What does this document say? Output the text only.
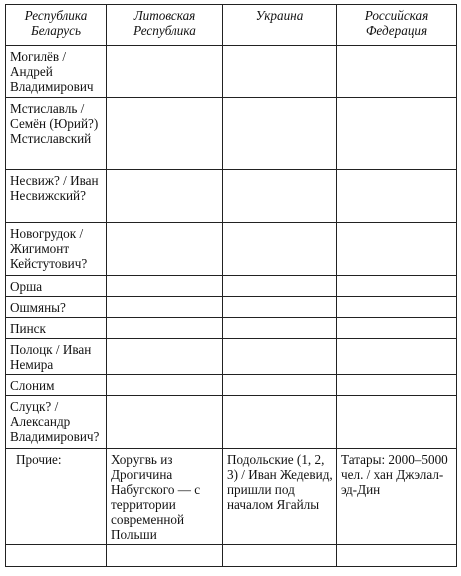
Республика Беларусь	Литовская Республика	Украина	Российская Федерация
Могилёв / Андрей Владимирович			
Мстиславль / Семён (Юрий?) Мстиславский			
Несвиж? / Иван Несвижский?			
Новогрудок / Жигимонт Кейстутович?			
Орша			
Ошмяны?			
Пинск			
Полоцк / Иван Немира			
Слоним			
Слуцк? / Александр Владимирович?			
Прочие:	Хоругвь из Дрогичина Набугского — с территории современной Польши	Подольские (1, 2, 3) / Иван Жедевид, пришли под началом Ягайлы	Татары: 2000–5000 чел. / хан Джэлал-эд-Дин
